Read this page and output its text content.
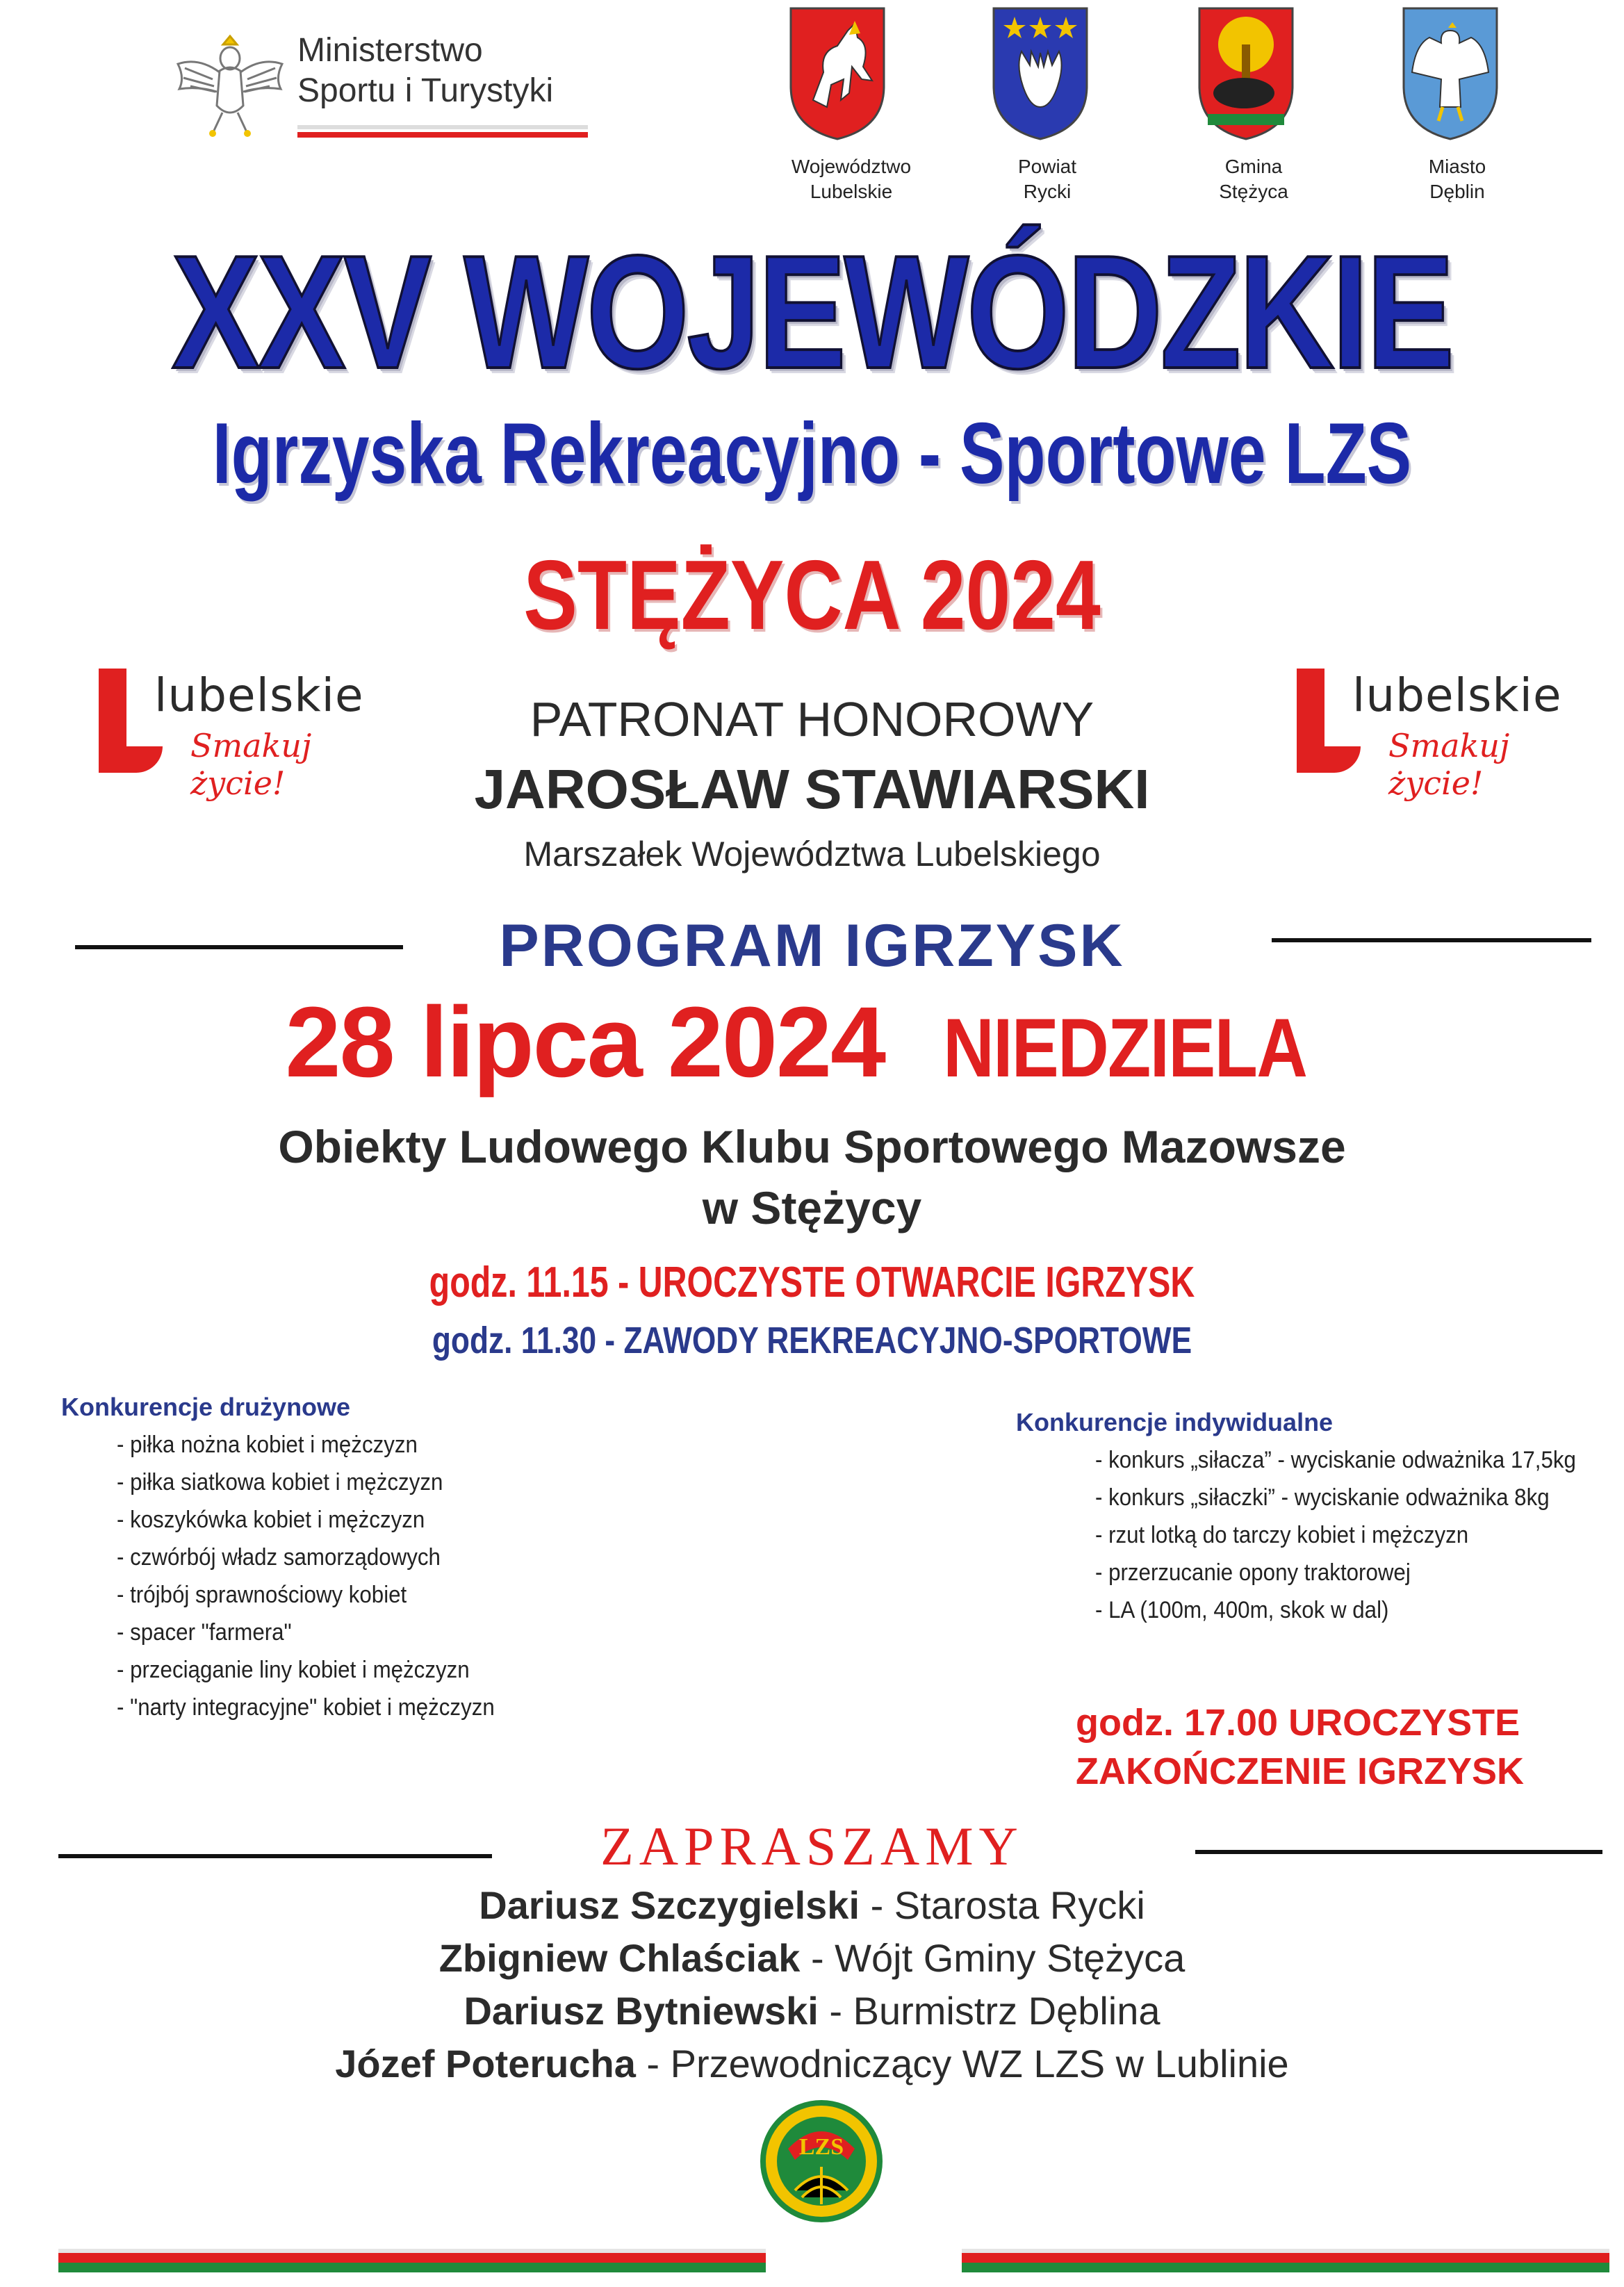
Ministerstwo
Sportu i Turystyki
Województwo
Lubelskie
Powiat
Rycki
Gmina
Stężyca
Miasto
Dęblin
XXV WOJEWÓDZKIE
Igrzyska Rekreacyjno - Sportowe LZS
STĘŻYCA 2024
lubelskie
Smakuj życie!
lubelskie
Smakuj życie!
PATRONAT HONOROWY
JAROSŁAW STAWIARSKI
Marszałek Województwa Lubelskiego
PROGRAM IGRZYSK
28 lipca 2024 NIEDZIELA
Obiekty Ludowego Klubu Sportowego Mazowsze
w Stężycy
godz. 11.15 - UROCZYSTE OTWARCIE IGRZYSK
godz. 11.30 - ZAWODY REKREACYJNO-SPORTOWE
Konkurencje drużynowe
- piłka nożna kobiet i mężczyzn
- piłka siatkowa kobiet i mężczyzn
- koszykówka kobiet i mężczyzn
- czwórbój władz samorządowych
- trójbój sprawnościowy kobiet
- spacer "farmera"
- przeciąganie liny kobiet i mężczyzn
- "narty integracyjne" kobiet i mężczyzn
Konkurencje indywidualne
- konkurs „siłacza” - wyciskanie odważnika 17,5kg
- konkurs „siłaczki” - wyciskanie odważnika 8kg
- rzut lotką do tarczy kobiet i mężczyzn
- przerzucanie opony traktorowej
- LA (100m, 400m, skok w dal)
godz. 17.00 UROCZYSTE
ZAKOŃCZENIE IGRZYSK
ZAPRASZAMY
Dariusz Szczygielski - Starosta Rycki
Zbigniew Chlaściak - Wójt Gminy Stężyca
Dariusz Bytniewski - Burmistrz Dęblina
Józef Poterucha - Przewodniczący WZ LZS w Lublinie
LZS
